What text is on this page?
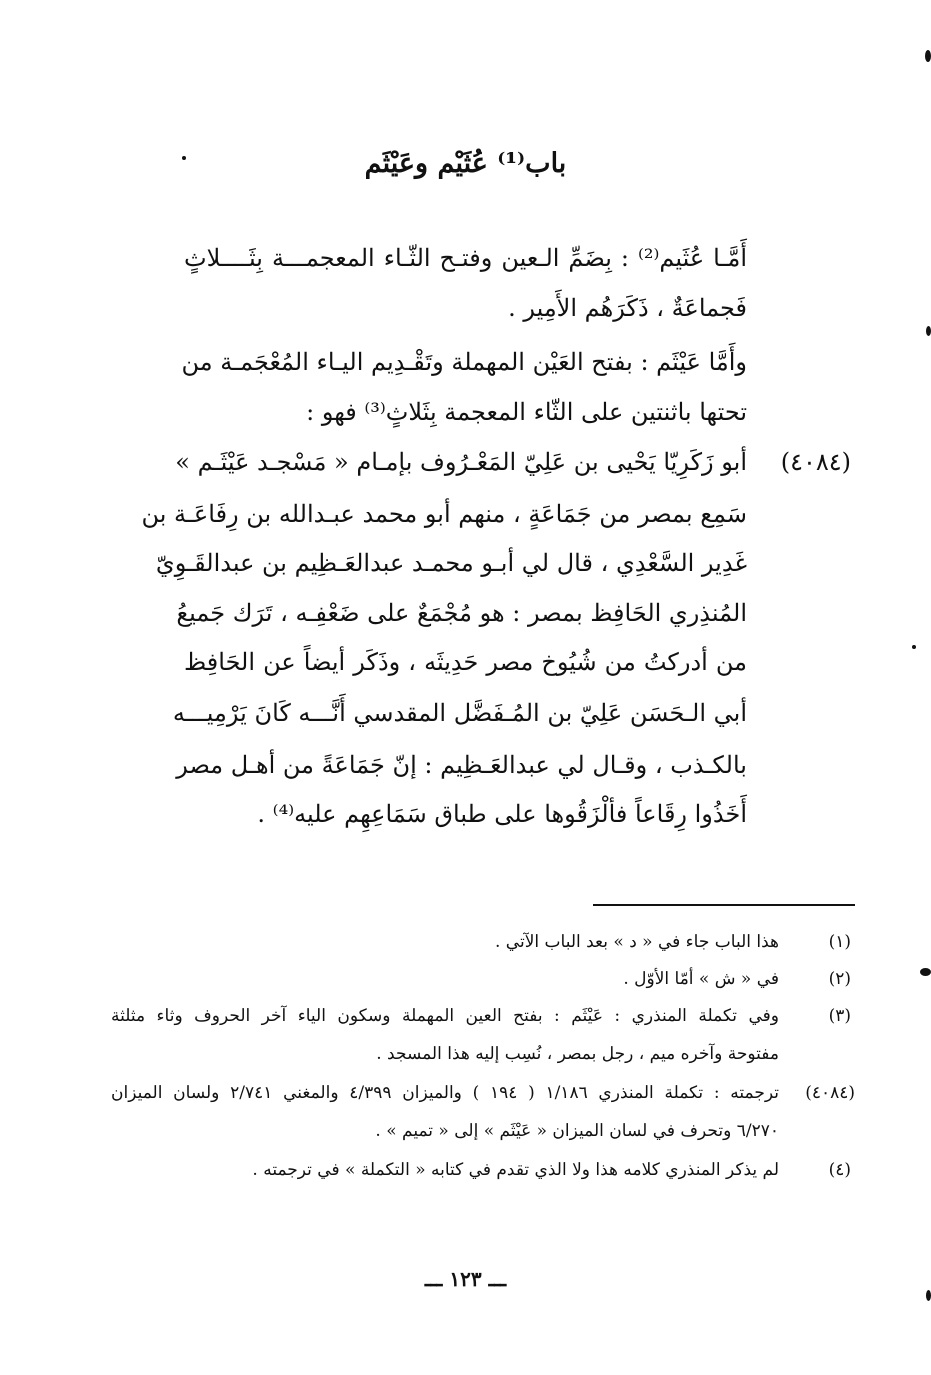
باب⁽¹⁾ عُثَيْم وعَيْثَم
أَمَّـا عُثَيم⁽²⁾ : بِضَمِّ الـعين وفتـح الثّـاء المعجمـــة بِثَــــلاثٍ
فَجماعَةٌ ، ذَكَرَهُم الأَمِير .
وأَمَّا عَيْثَم : بفتح العَيْن المهملة وتَقْـدِيم اليـاء المُعْجَمـة من
تحتها باثنتين على الثّاء المعجمة بِثَلاثٍ⁽³⁾ فهو :
(٤٠٨٤)
أبو زَكَرِيّا يَحْيى بن عَلِيّ المَعْـرُوف بإمـام « مَسْجـد عَيْثَـم »
سَمِع بمصر من جَمَاعَةٍ ، منهم أبو محمد عبـدالله بن رِفَاعَـة بن
غَدِير السَّعْدِي ، قال لي أبـو محمـد عبدالعَـظِيم بن عبدالقَـوِيّ
المُنذِري الحَافِظ بمصر : هو مُجْمَعٌ على ضَعْفِـه ، تَرَك جَميعُ
من أدركتُ من شُيُوخ مصر حَدِيثَه ، وذَكَر أيضاً عن الحَافِظ
أبي الـحَسَن عَلِيّ بن المُـفَضَّل المقدسي أَنَّـــه كَانَ يَرْمِيـــه
بالكـذب ، وقـال لي عبدالعَـظِيم : إنّ جَمَاعَةً من أهـل مصر
أَخَذُوا رِقَاعاً فألْزَقُوها على طباق سَمَاعِهِم عليه⁽⁴⁾ .
(١)
هذا الباب جاء في « د » بعد الباب الآتي .
(٢)
في « ش » أمّا الأوّل .
(٣)
وفي تكملة المنذري : عَيْثَم : بفتح العين المهملة وسكون الياء آخر الحروف وثاء مثلثة
مفتوحة وآخره ميم ، رجل بمصر ، نُسِب إليه هذا المسجد .
(٤٠٨٤)
ترجمته : تكملة المنذري ١/١٨٦ ( ١٩٤ ) والميزان ٤/٣٩٩ والمغني ٢/٧٤١ ولسان الميزان
٦/٢٧٠ وتحرف في لسان الميزان « عَيْثَم » إلى « تميم » .
(٤)
لم يذكر المنذري كلامه هذا ولا الذي تقدم في كتابه « التكملة » في ترجمته .
ـــ ١٢٣ ـــ
